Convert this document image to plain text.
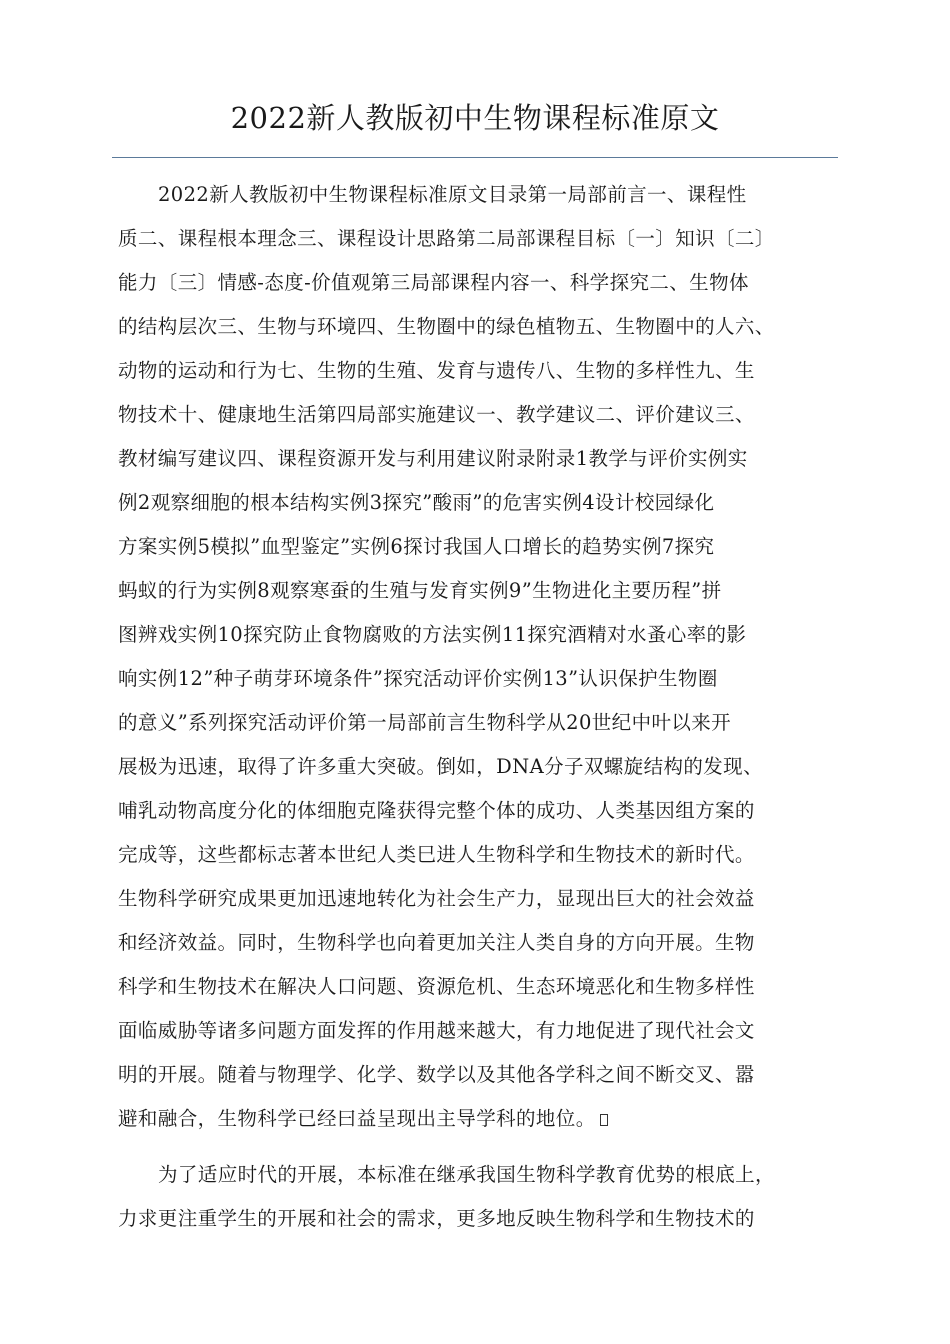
2022新人教版初中生物课程标准原文
2022新人教版初中生物课程标准原文目录第一局部前言一、课程性
质二、课程根本理念三、课程设计思路第二局部课程目标〔一〕知识〔二〕
能力〔三〕情感-态度-价值观第三局部课程内容一、科学探究二、生物体
的结构层次三、生物与环境四、生物圈中的绿色植物五、生物圈中的人六、
动物的运动和行为七、生物的生殖、发育与遗传八、生物的多样性九、生
物技术十、健康地生活第四局部实施建议一、教学建议二、评价建议三、
教材编写建议四、课程资源开发与利用建议附录附录1教学与评价实例实
例2观察细胞的根本结构实例3探究”酸雨”的危害实例4设计校园绿化
方案实例5模拟”血型鉴定”实例6探讨我国人口增长的趋势实例7探究
蚂蚁的行为实例8观察寒蚕的生殖与发育实例9”生物进化主要历程”拼
图辨戏实例10探究防止食物腐败的方法实例11探究酒精对水蚤心率的影
响实例12”种子萌芽环境条件”探究活动评价实例13”认识保护生物圈
的意义”系列探究活动评价第一局部前言生物科学从20世纪中叶以来开
展极为迅速，取得了许多重大突破。倒如，DNA分子双螺旋结构的发现、
哺乳动物高度分化的体细胞克隆获得完整个体的成功、人类基因组方案的
完成等，这些都标志著本世纪人类巳进人生物科学和生物技术的新时代。
生物科学研究成果更加迅速地转化为社会生产力，显现出巨大的社会效益
和经济效益。同时，生物科学也向着更加关注人类自身的方向开展。生物
科学和生物技术在解决人口问题、资源危机、生态环境恶化和生物多样性
面临威胁等诸多问题方面发挥的作用越来越大，有力地促进了现代社会文
明的开展。随着与物理学、化学、数学以及其他各学科之间不断交叉、嚣
避和融合，生物科学已经曰益呈现出主导学科的地位。
为了适应时代的开展，本标准在继承我国生物科学教育优势的根底上，
力求更注重学生的开展和社会的需求，更多地反映生物科学和生物技术的
